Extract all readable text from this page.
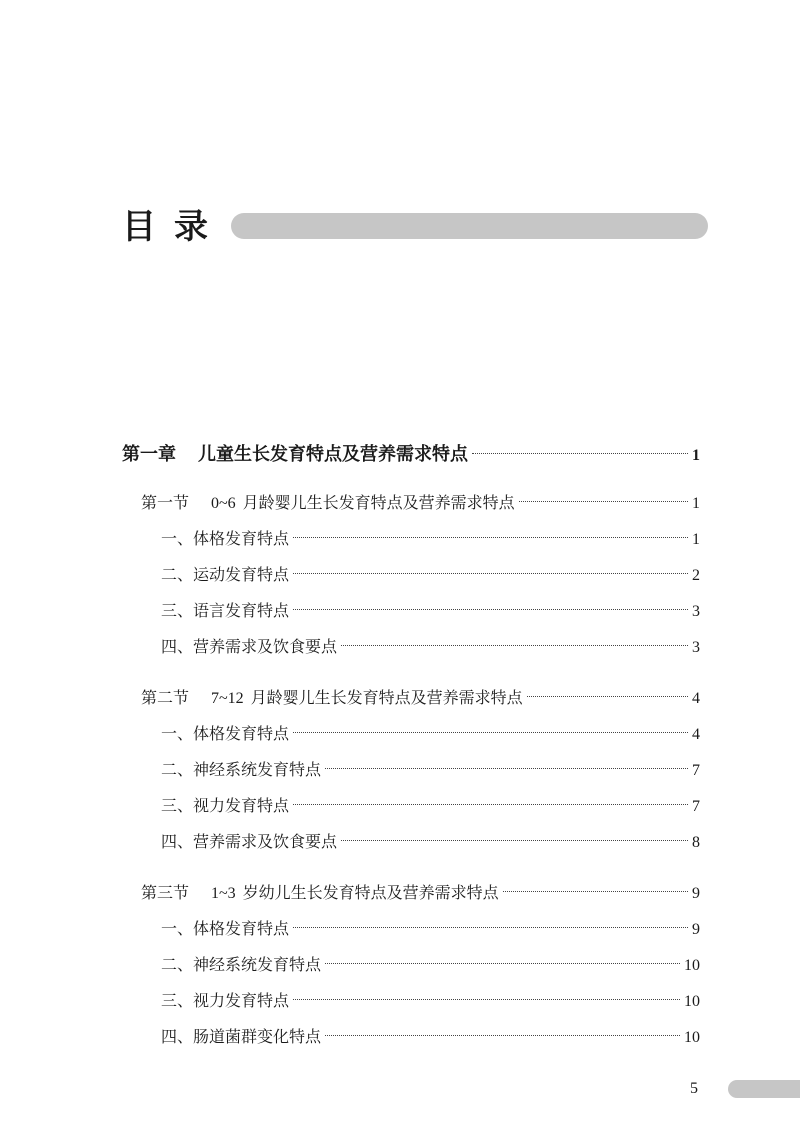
目录
第一章 儿童生长发育特点及营养需求特点	1
第一节 0~6 月龄婴儿生长发育特点及营养需求特点	1
一、体格发育特点	1
二、运动发育特点	2
三、语言发育特点	3
四、营养需求及饮食要点	3
第二节 7~12 月龄婴儿生长发育特点及营养需求特点	4
一、体格发育特点	4
二、神经系统发育特点	7
三、视力发育特点	7
四、营养需求及饮食要点	8
第三节 1~3 岁幼儿生长发育特点及营养需求特点	9
一、体格发育特点	9
二、神经系统发育特点	10
三、视力发育特点	10
四、肠道菌群变化特点	10
5
